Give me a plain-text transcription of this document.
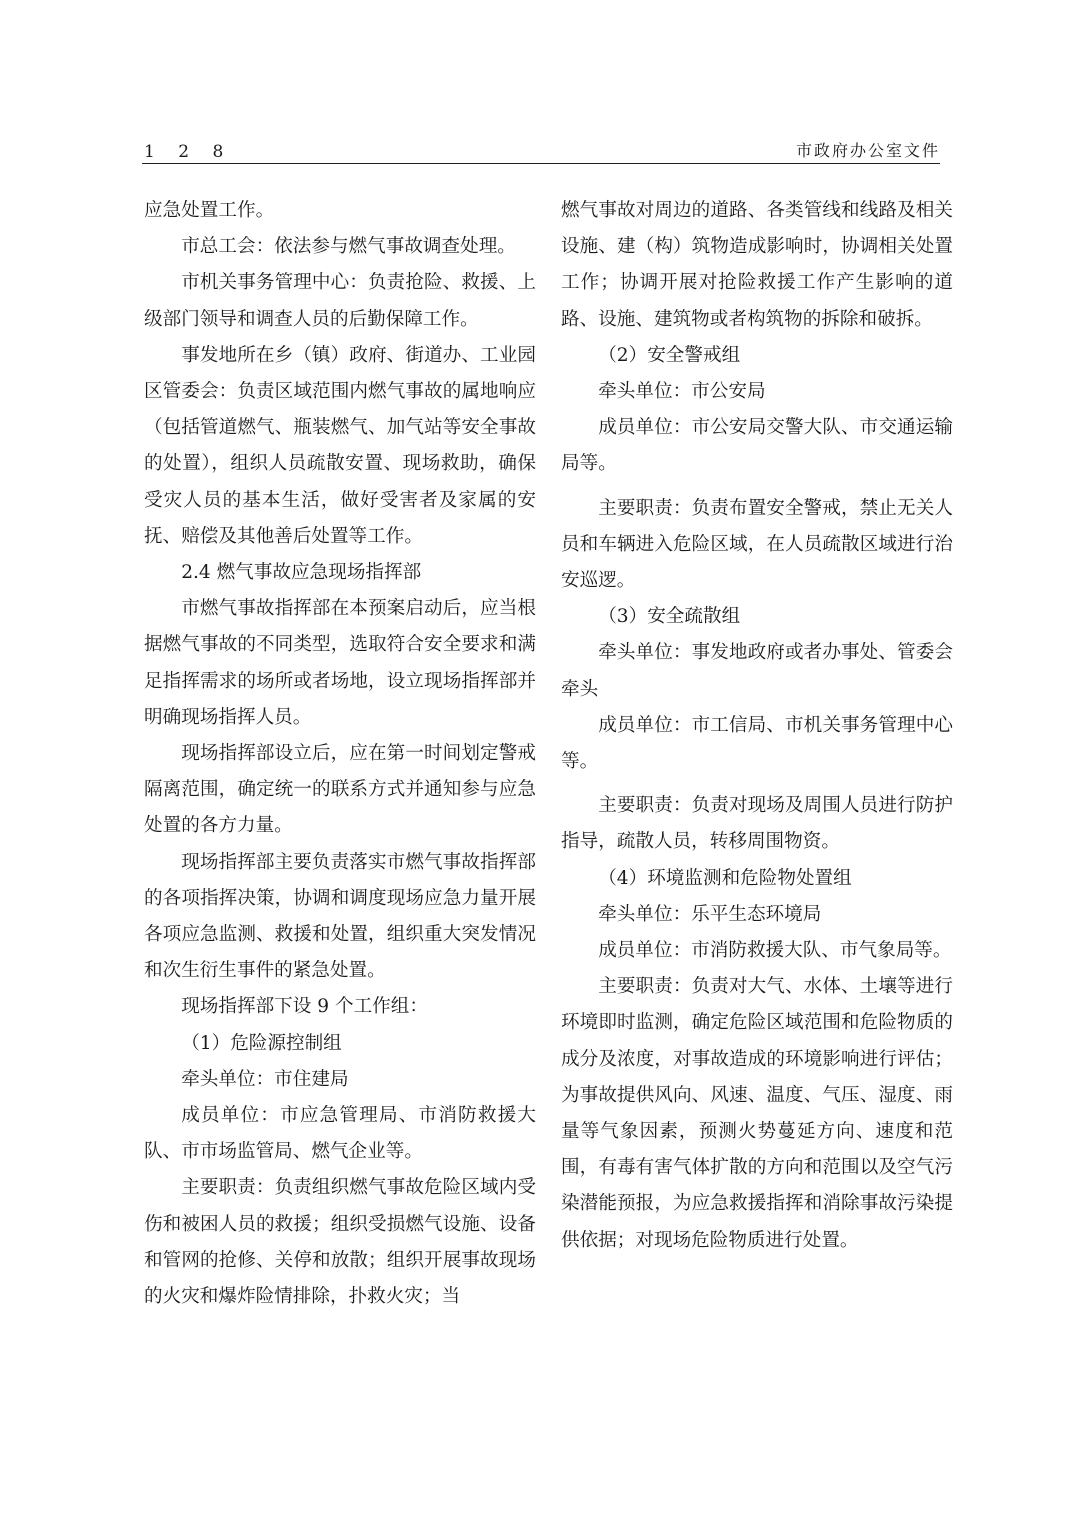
1 2 8	市政府办公室文件

应急处置工作。

市总工会：依法参与燃气事故调查处理。

市机关事务管理中心：负责抢险、救援、上级部门领导和调查人员的后勤保障工作。

事发地所在乡（镇）政府、街道办、工业园区管委会：负责区域范围内燃气事故的属地响应（包括管道燃气、瓶装燃气、加气站等安全事故的处置），组织人员疏散安置、现场救助，确保受灾人员的基本生活，做好受害者及家属的安抚、赔偿及其他善后处置等工作。

2.4 燃气事故应急现场指挥部

市燃气事故指挥部在本预案启动后，应当根据燃气事故的不同类型，选取符合安全要求和满足指挥需求的场所或者场地，设立现场指挥部并明确现场指挥人员。

现场指挥部设立后，应在第一时间划定警戒隔离范围，确定统一的联系方式并通知参与应急处置的各方力量。

现场指挥部主要负责落实市燃气事故指挥部的各项指挥决策，协调和调度现场应急力量开展各项应急监测、救援和处置，组织重大突发情况和次生衍生事件的紧急处置。

现场指挥部下设 9 个工作组：

（1）危险源控制组

牵头单位：市住建局

成员单位：市应急管理局、市消防救援大队、市市场监管局、燃气企业等。

主要职责：负责组织燃气事故危险区域内受伤和被困人员的救援；组织受损燃气设施、设备和管网的抢修、关停和放散；组织开展事故现场的火灾和爆炸险情排除，扑救火灾；当

燃气事故对周边的道路、各类管线和线路及相关设施、建（构）筑物造成影响时，协调相关处置工作；协调开展对抢险救援工作产生影响的道路、设施、建筑物或者构筑物的拆除和破拆。

（2）安全警戒组

牵头单位：市公安局

成员单位：市公安局交警大队、市交通运输局等。

主要职责：负责布置安全警戒，禁止无关人员和车辆进入危险区域，在人员疏散区域进行治安巡逻。

（3）安全疏散组

牵头单位：事发地政府或者办事处、管委会牵头

成员单位：市工信局、市机关事务管理中心等。

主要职责：负责对现场及周围人员进行防护指导，疏散人员，转移周围物资。

（4）环境监测和危险物处置组

牵头单位：乐平生态环境局

成员单位：市消防救援大队、市气象局等。

主要职责：负责对大气、水体、土壤等进行环境即时监测，确定危险区域范围和危险物质的成分及浓度，对事故造成的环境影响进行评估；为事故提供风向、风速、温度、气压、湿度、雨量等气象因素，预测火势蔓延方向、速度和范围，有毒有害气体扩散的方向和范围以及空气污染潜能预报，为应急救援指挥和消除事故污染提供依据；对现场危险物质进行处置。
